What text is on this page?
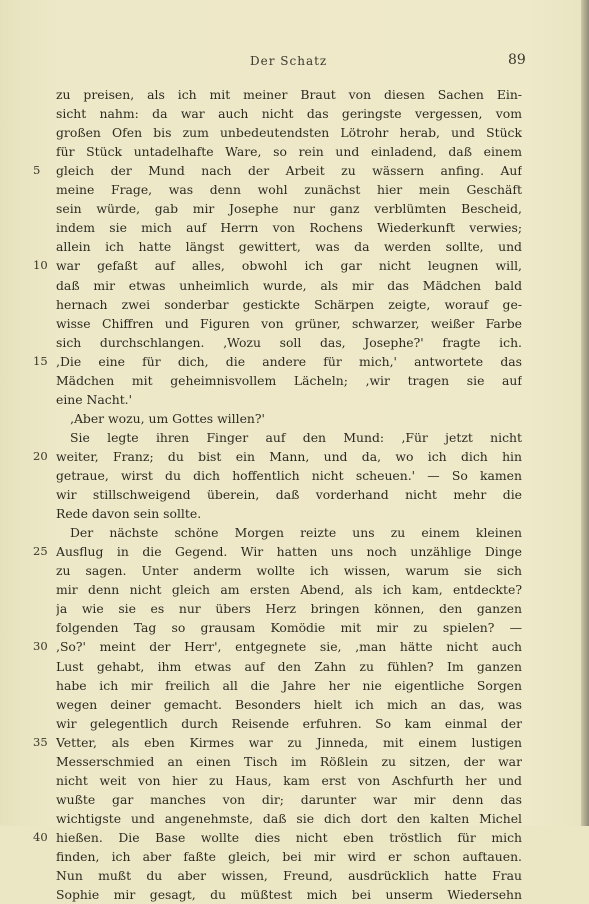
Der Schatz	89
zu preisen, als ich mit meiner Braut von diesen Sachen Ein-
sicht nahm: da war auch nicht das geringste vergessen, vom
großen Ofen bis zum unbedeutendsten Lötrohr herab, und Stück
für Stück untadelhafte Ware, so rein und einladend, daß einem
gleich der Mund nach der Arbeit zu wässern anfing. Auf
5
meine Frage, was denn wohl zunächst hier mein Geschäft
sein würde, gab mir Josephe nur ganz verblümten Bescheid,
indem sie mich auf Herrn von Rochens Wiederkunft verwies;
allein ich hatte längst gewittert, was da werden sollte, und
war gefaßt auf alles, obwohl ich gar nicht leugnen will,
10
daß mir etwas unheimlich wurde, als mir das Mädchen bald
hernach zwei sonderbar gestickte Schärpen zeigte, worauf ge-
wisse Chiffren und Figuren von grüner, schwarzer, weißer Farbe
sich durchschlangen. ‚Wozu soll das, Josephe?' fragte ich.
‚Die eine für dich, die andere für mich,' antwortete das
15
Mädchen mit geheimnisvollem Lächeln; ‚wir tragen sie auf
eine Nacht.'
‚Aber wozu, um Gottes willen?'
Sie legte ihren Finger auf den Mund: ‚Für jetzt nicht
weiter, Franz; du bist ein Mann, und da, wo ich dich hin
20
getraue, wirst du dich hoffentlich nicht scheuen.' — So kamen
wir stillschweigend überein, daß vorderhand nicht mehr die
Rede davon sein sollte.
Der nächste schöne Morgen reizte uns zu einem kleinen
Ausflug in die Gegend. Wir hatten uns noch unzählige Dinge
25
zu sagen. Unter anderm wollte ich wissen, warum sie sich
mir denn nicht gleich am ersten Abend, als ich kam, entdeckte?
ja wie sie es nur übers Herz bringen können, den ganzen
folgenden Tag so grausam Komödie mit mir zu spielen? —
‚So?' meint der Herr', entgegnete sie, ‚man hätte nicht auch
30
Lust gehabt, ihm etwas auf den Zahn zu fühlen? Im ganzen
habe ich mir freilich all die Jahre her nie eigentliche Sorgen
wegen deiner gemacht. Besonders hielt ich mich an das, was
wir gelegentlich durch Reisende erfuhren. So kam einmal der
Vetter, als eben Kirmes war zu Jinneda, mit einem lustigen
35
Messerschmied an einen Tisch im Rößlein zu sitzen, der war
nicht weit von hier zu Haus, kam erst von Aschfurth her und
wußte gar manches von dir; darunter war mir denn das
wichtigste und angenehmste, daß sie dich dort den kalten Michel
hießen. Die Base wollte dies nicht eben tröstlich für mich
40
finden, ich aber faßte gleich, bei mir wird er schon auftauen.
Nun mußt du aber wissen, Freund, ausdrücklich hatte Frau
Sophie mir gesagt, du müßtest mich bei unserm Wiedersehn
